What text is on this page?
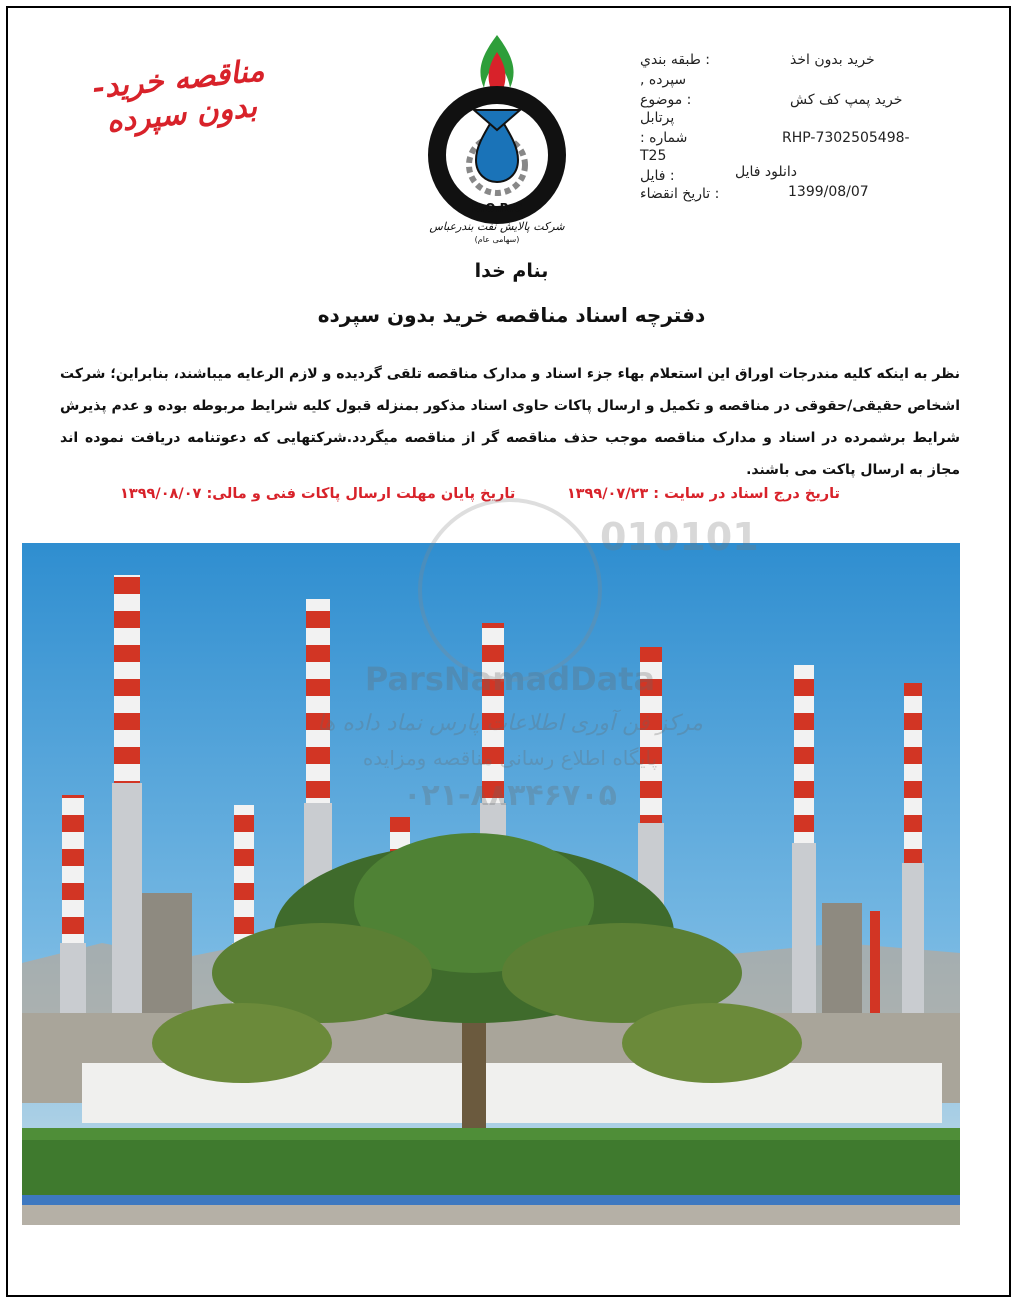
مناقصه خرید- بدون سپرده
B.O.R.C
شرکت پالایش نفت بندرعباس
(سهامی عام)
طبقه بندي :	خريد بدون اخذ
, سپرده
موضوع :	خريد پمپ کف کش
پرتابل
: شماره	RHP-7302505498-
T25
فايل :	دانلود فايل
تاريخ انقضاء :	1399/08/07
بنام خدا
دفترچه اسناد مناقصه خرید بدون سپرده
نظر به اینکه کلیه مندرجات اوراق این استعلام بهاء جزء اسناد و مدارک مناقصه تلقی گردیده و لازم الرعایه میباشند، بنابراین؛ شرکت اشخاص حقیقی/حقوقی در مناقصه و تکمیل و ارسال پاکات حاوی اسناد مذکور بمنزله قبول کلیه شرایط مربوطه بوده و عدم پذیرش شرایط برشمرده در اسناد و مدارک مناقصه موجب حذف مناقصه گر از مناقصه میگردد.شرکتهایی که دعوتنامه دریافت نموده اند مجاز به ارسال پاکت می باشند.
تاریخ درج اسناد در سایت : ۱۳۹۹/۰۷/۲۳
تاریخ پایان مهلت ارسال پاکات فنی و مالی: ۱۳۹۹/۰۸/۰۷
010101
ParsNamadData
مرکز فن آوری اطلاعات پارس نماد داده ها
پایگاه اطلاع رسانی مناقصه ومزایده
۰۲۱-۸۸۳۴۶۷۰۵
